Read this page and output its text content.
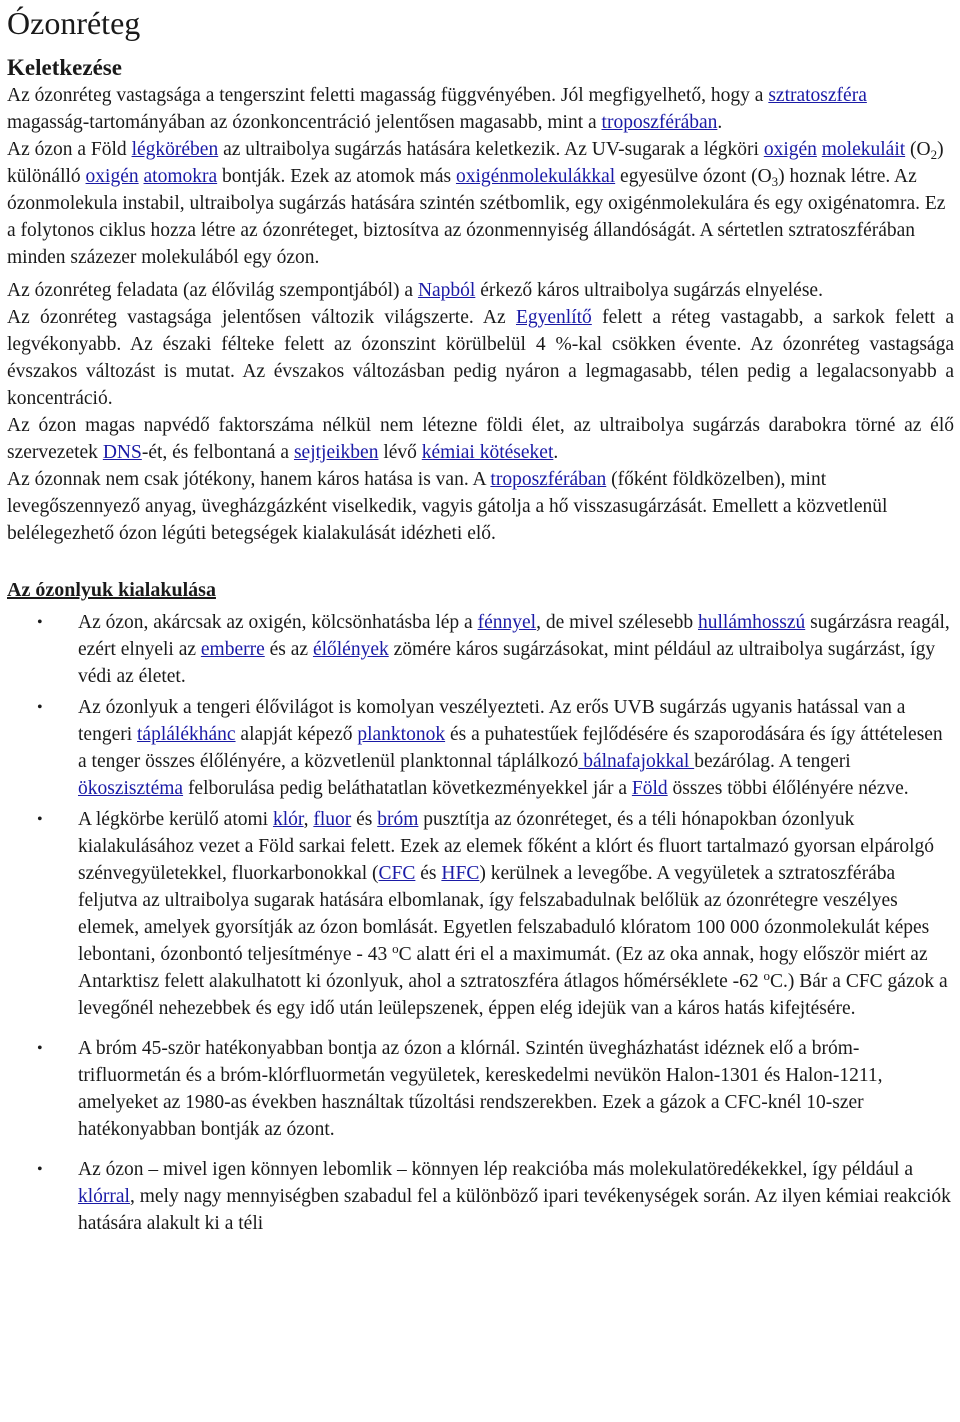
Ózonréteg
Keletkezése

Az ózonréteg vastagsága a tengerszint feletti magasság függvényében. Jól megfigyelhető, hogy a sztratoszféra magasság-tartományában az ózonkoncentráció jelentősen magasabb, mint a troposzférában.

Az ózon a Föld légkörében az ultraibolya sugárzás hatására keletkezik. Az UV-sugarak a légköri oxigén molekuláit $(O_2)$ különálló oxigén atomokra bontják. Ezek az atomok más oxigénmolekulákkal egyesülve ózont $(O_3)$ hoznak létre. Az ózonmolekula instabil, ultraibolya sugárzás hatására szintén szétbomlik, egy oxigénmolekulára és egy oxigénatomra. Ez a folytonos ciklus hozza létre az ózonréteget, biztosítva az ózonmennyiség állandóságát. A sértetlen sztratoszférában minden százezer molekulából egy ózon.

Az ózonréteg feladata (az élővilág szempontjából) a Napból érkező káros ultraibolya sugárzás elnyelése.

Az ózonréteg vastagsága jelentősen változik világszerte. Az Egyenlítő felett a réteg vastagabb, a sarkok felett a legvékonyabb. Az északi félteke felett az ózonszint körülbelül 4 %-kal csökken évente. Az ózonréteg vastagsága évszakos változást is mutat. Az évszakos változásban pedig nyáron a legmagasabb, télen pedig a legalacsonyabb a koncentráció.

Az ózon magas napvédő faktorszáma nélkül nem létezne földi élet, az ultraibolya sugárzás darabokra törné az élő szervezetek DNS-ét, és felbontaná a sejtjeikben lévő kémiai kötéseket.

Az ózonnak nem csak jótékony, hanem káros hatása is van. A troposzférában (főként földközelben), mint levegőszennyező anyag, üvegházgázként viselkedik, vagyis gátolja a hő visszasugárzását. Emellett a közvetlenül belélegezhető ózon légúti betegségek kialakulását idézheti elő.

Az ózonlyuk kialakulása
• Az ózon, akárcsak az oxigén, kölcsönhatásba lép a fénnyel, de mivel szélesebb hullámhosszú sugárzásra reagál, ezért elnyeli az emberre és az élőlények zömére káros sugárzásokat, mint például az ultraibolya sugárzást, így védi az életet.
• Az ózonlyuk a tengeri élővilágot is komolyan veszélyezteti. Az erős UVB sugárzás ugyanis hatással van a tengeri táplálékhánc alapját képező planktonok és a puhatestűek fejlődésére és szaporodására és így áttételesen a tenger összes élőlényére, a közvetlenül planktonnal táplálkozó bálnafajokkal bezárólag. A tengeri ökoszisztéma felborulása pedig beláthatatlan következményekkel jár a Föld összes többi élőlényére nézve.
• A légkörbe kerülő atomi klór, fluor és bróm pusztítja az ózonréteget, és a téli hónapokban ózonlyuk kialakulásához vezet a Föld sarkai felett. Ezek az elemek főként a klórt és fluort tartalmazó gyorsan elpárolgó szénvegyületekkel, fluorkarbonokkal (CFC és HFC) kerülnek a levegőbe. A vegyületek a sztratoszférába feljutva az ultraibolya sugarak hatására elbomlanak, így felszabadulnak belőlük az ózonrétegre veszélyes elemek, amelyek gyorsítják az ózon bomlását. Egyetlen felszabaduló klóratom 100 000 ózonmolekulát képes lebontani, ózonbontó teljesítménye - 43 $^o$C alatt éri el a maximumát. (Ez az oka annak, hogy először miért az Antarktisz felett alakulhatott ki ózonlyuk, ahol a sztratoszféra átlagos hőmérséklete -62 $^o$C.) Bár a CFC gázok a levegőnél nehezebbek és egy idő után leülepszenek, éppen elég idejük van a káros hatás kifejtésére.
• A bróm 45-ször hatékonyabban bontja az ózon a klórnál. Szintén üvegházhatást idéznek elő a bróm-trifluormetán és a bróm-klórfluormetán vegyületek, kereskedelmi nevükön Halon-1301 és Halon-1211, amelyeket az 1980-as években használtak tűzoltási rendszerekben. Ezek a gázok a CFC-knél 10-szer hatékonyabban bontják az ózont.
• Az ózon – mivel igen könnyen lebomlik – könnyen lép reakcióba más molekulatöredékekkel, így például a klórral, mely nagy mennyiségben szabadul fel a különböző ipari tevékenységek során. Az ilyen kémiai reakciók hatására alakult ki a téli
